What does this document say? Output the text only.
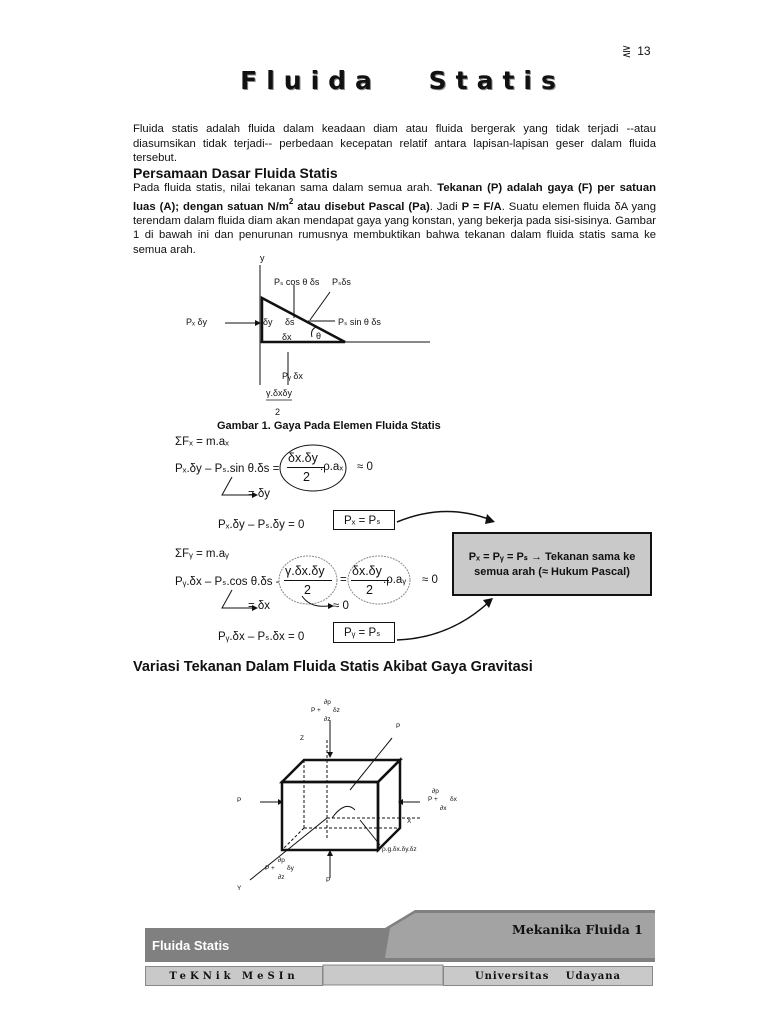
⋛ 13
Fluida Statis
Fluida statis adalah fluida dalam keadaan diam atau fluida bergerak yang tidak terjadi --atau diasumsikan tidak terjadi-- perbedaan kecepatan relatif antara lapisan-lapisan geser dalam fluida tersebut.
Persamaan Dasar Fluida Statis
Pada fluida statis, nilai tekanan sama dalam semua arah. Tekanan (P) adalah gaya (F) per satuan luas (A); dengan satuan $N/m^2$ atau disebut Pascal (Pa). Jadi P = F/A. Suatu elemen fluida δA yang terendam dalam fluida diam akan mendapat gaya yang konstan, yang bekerja pada sisi-sisinya. Gambar 1 di bawah ini dan penurunan rumusnya membuktikan bahwa tekanan dalam fluida statis sama ke semua arah.
y
Pₛ cos θ δs Pₛδs
Pₓ δy	δy δs	Pₛ sin θ δs
δx	θ
Pᵧ δx
γ.δxδy
2
Gambar 1. Gaya Pada Elemen Fluida Statis
ΣFₓ = m.aₓ
Pₓ.δy – Pₛ.sin θ.δs =
δx.δy
2
.ρ.aₓ ≈ 0
= δy
Pₓ.δy – Pₛ.δy = 0	Pₓ = Pₛ
ΣFᵧ = m.aᵧ
Pᵧ.δx – Pₛ.cos θ.δs -
γ.δx.δy
2
=
δx.δy
2
.ρ.aᵧ ≈ 0
= δx	≈ 0
Pᵧ.δx – Pₛ.δx = 0	Pᵧ = Pₛ
Pₓ = Pᵧ = Pₛ → Tekanan sama ke
semua arah (≈ Hukum Pascal)
Variasi Tekanan Dalam Fluida Statis Akibat Gaya Gravitasi
∂p
P + δz
∂z
Z
P
P
∂p
P + δx
∂x
X
∂p
P + δy
∂z	P
ρ.g.δx.δy.δz
Y
Mekanika Fluida 1
Fluida Statis
TeKNik MeSIn	Universitas Udayana
